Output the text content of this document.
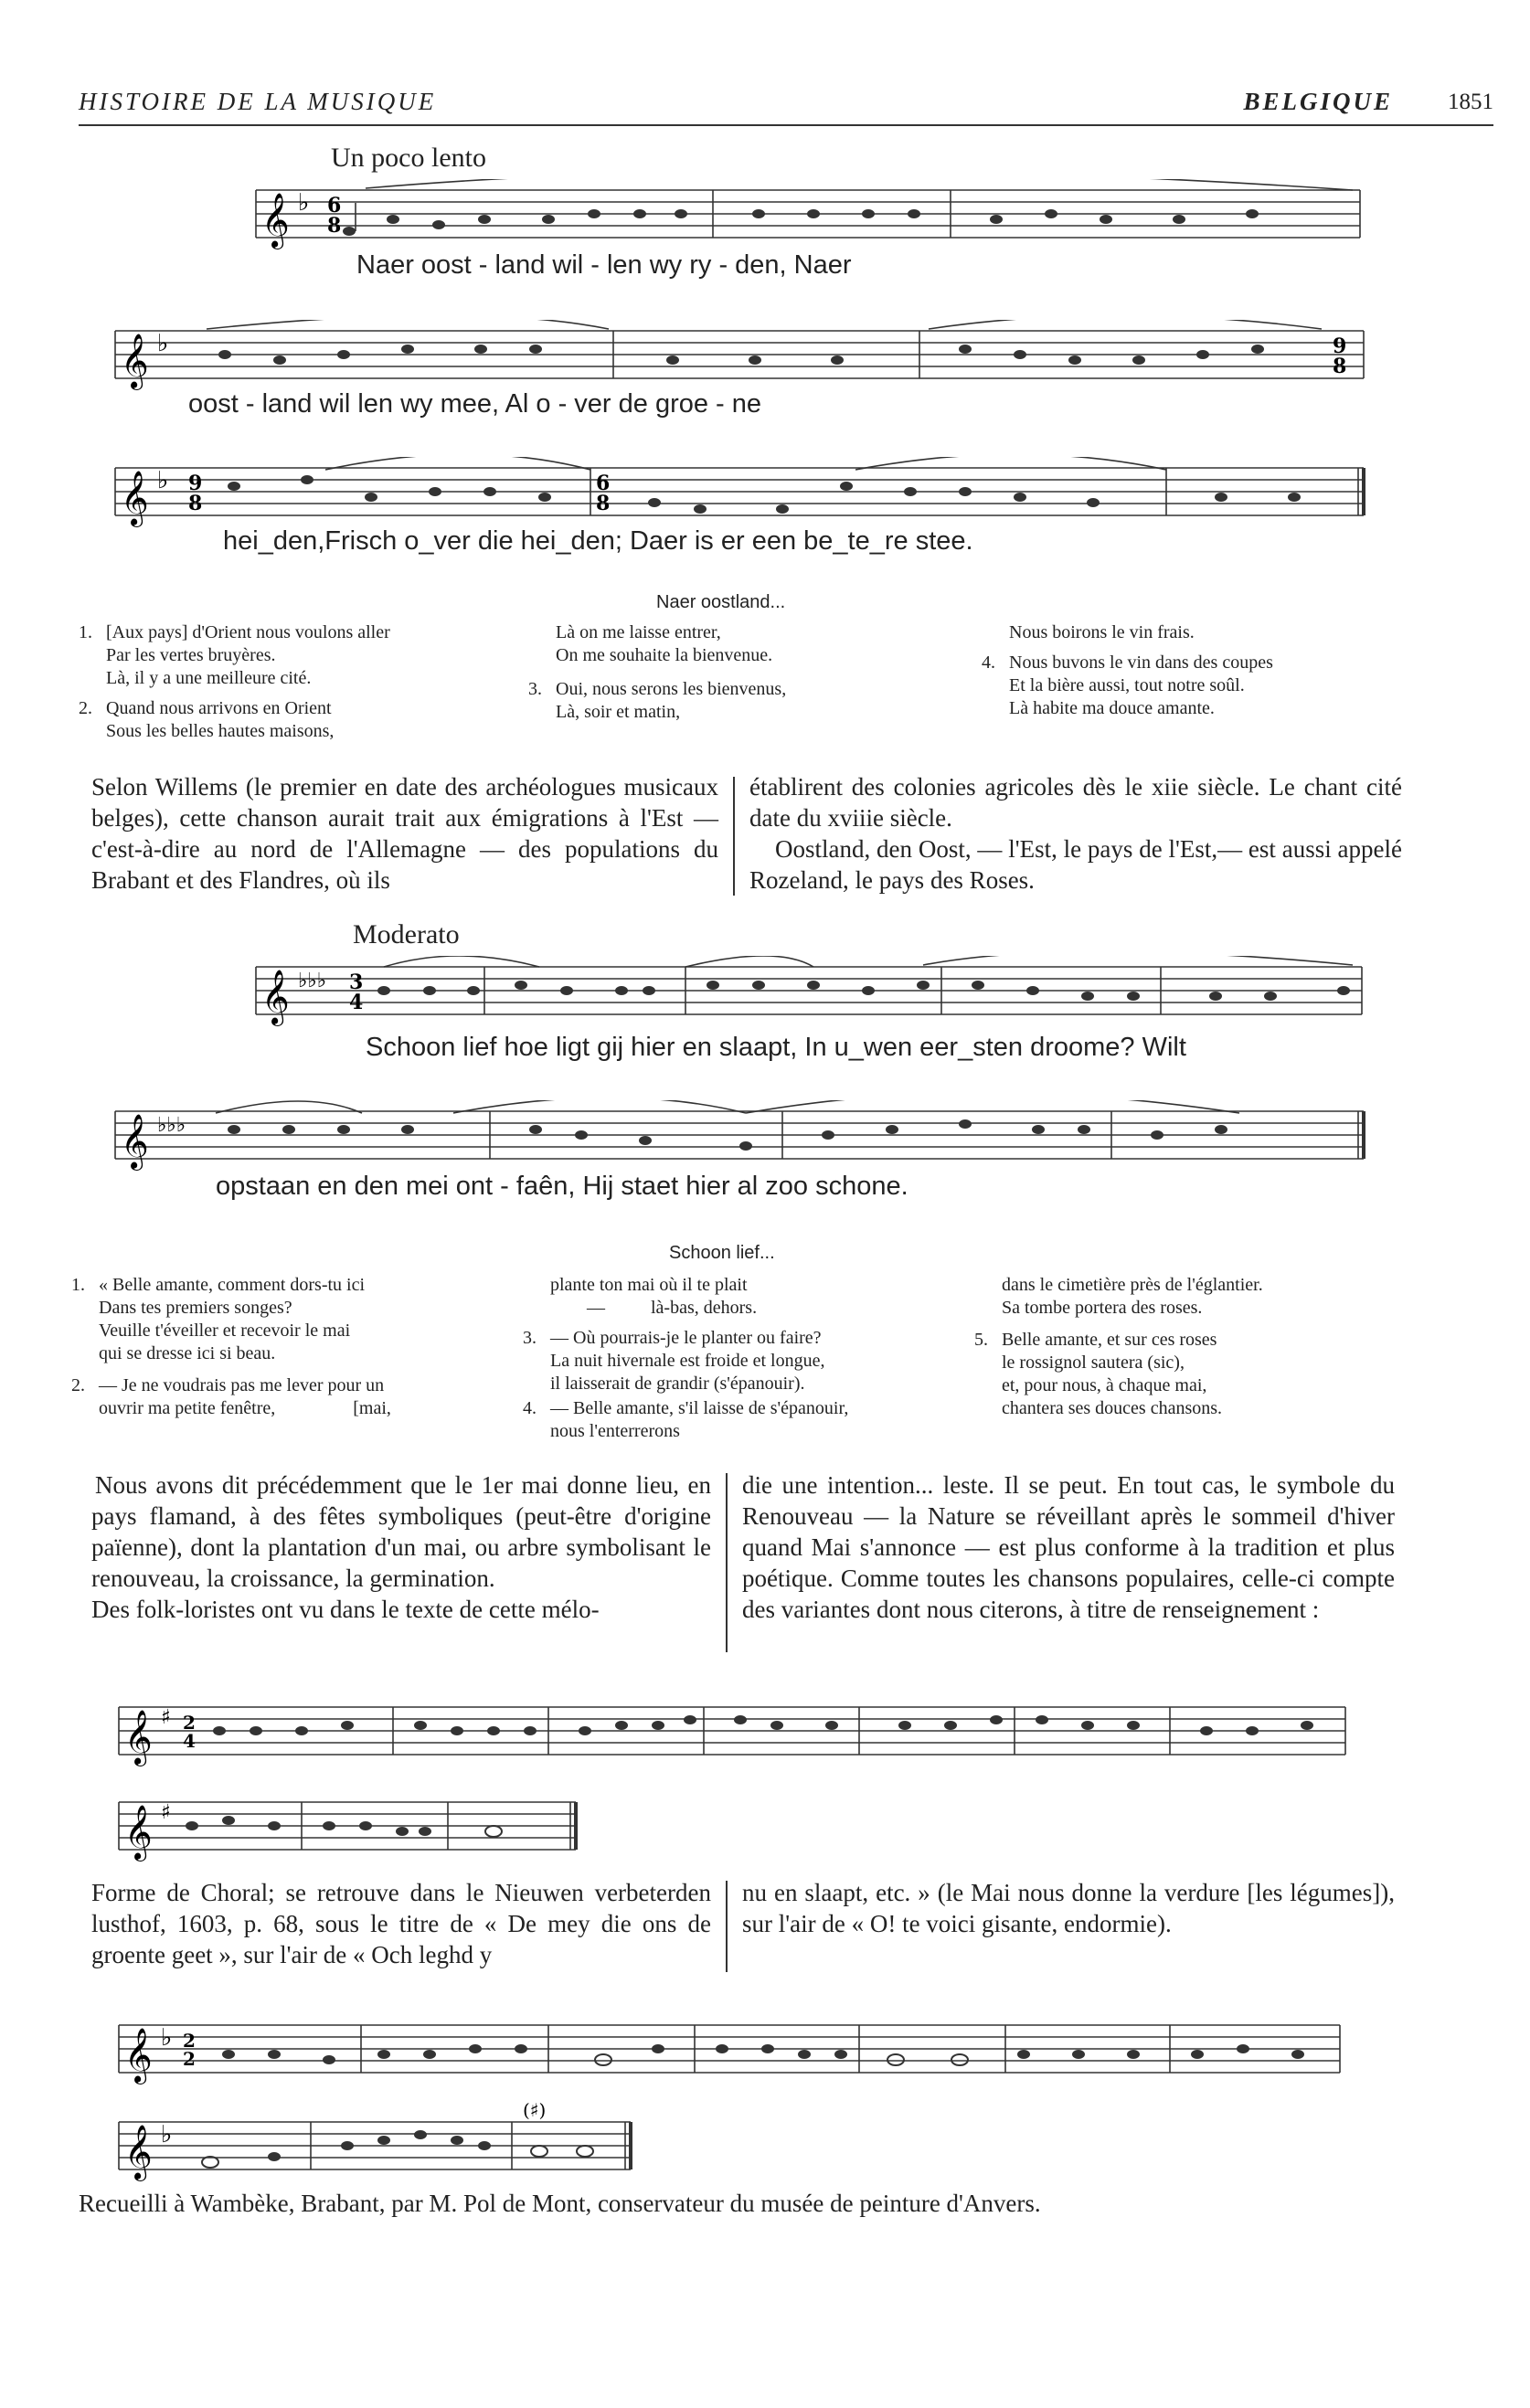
HISTOIRE DE LA MUSIQUE	BELGIQUE 1851
Un poco lento
𝄞 ♭ 6
8
Naer oost - land wil - len wy ry - den, Naer
𝄞 ♭	9
8
oost - land wil len wy mee, Al o - ver de groe - ne
𝄞 ♭ 9
8
6
8
hei_den,Frisch o_ver die hei_den; Daer is er een be_te_re stee.
Naer oostland...
1. [Aux pays] d'Orient nous voulons aller
Par les vertes bruyères.
Là, il y a une meilleure cité.
2. Quand nous arrivons en Orient
Sous les belles hautes maisons,
Là on me laisse entrer,
On me souhaite la bienvenue.
3. Oui, nous serons les bienvenus,
Là, soir et matin,
Nous boirons le vin frais.
4. Nous buvons le vin dans des coupes
Et la bière aussi, tout notre soûl.
Là habite ma douce amante.
Selon Willems (le premier en date des archéologues musicaux belges), cette chanson aurait trait aux émigrations à l'Est — c'est-à-dire au nord de l'Allemagne — des populations du Brabant et des Flandres, où ils
établirent des colonies agricoles dès le xiie siècle. Le chant cité date du xviiie siècle.
Oostland, den Oost, — l'Est, le pays de l'Est,— est aussi appelé Rozeland, le pays des Roses.
Moderato
𝄞 ♭♭♭ 3
4
Schoon lief hoe ligt gij hier en slaapt, In u_wen eer_sten droome? Wilt
𝄞 ♭♭♭
opstaan en den mei ont - faên, Hij staet hier al zoo schone.
Schoon lief...
1. « Belle amante, comment dors-tu ici
Dans tes premiers songes?
Veuille t'éveiller et recevoir le mai
qui se dresse ici si beau.
2. — Je ne voudrais pas me lever pour un
ouvrir ma petite fenêtre,                 [mai,
plante ton mai où il te plait
—          là-bas, dehors.
3. — Où pourrais-je le planter ou faire?
La nuit hivernale est froide et longue,
il laisserait de grandir (s'épanouir).
4. — Belle amante, s'il laisse de s'épanouir,
nous l'enterrerons
dans le cimetière près de l'églantier.
Sa tombe portera des roses.
5. Belle amante, et sur ces roses
le rossignol sautera (sic),
et, pour nous, à chaque mai,
chantera ses douces chansons.
Nous avons dit précédemment que le 1er mai donne lieu, en pays flamand, à des fêtes symboliques (peut-être d'origine païenne), dont la plantation d'un mai, ou arbre symbolisant le renouveau, la croissance, la germination.
Des folk-loristes ont vu dans le texte de cette mélo-
die une intention... leste. Il se peut. En tout cas, le symbole du Renouveau — la Nature se réveillant après le sommeil d'hiver quand Mai s'annonce — est plus conforme à la tradition et plus poétique. Comme toutes les chansons populaires, celle-ci compte des variantes dont nous citerons, à titre de renseignement :
𝄞 ♯ 2
4
𝄞 ♯
Forme de Choral; se retrouve dans le Nieuwen verbeterden lusthof, 1603, p. 68, sous le titre de « De mey die ons de groente geet », sur l'air de « Och leghd y
nu en slaapt, etc. » (le Mai nous donne la verdure [les légumes]), sur l'air de « O! te voici gisante, endormie).
𝄞 ♭ 2
2
𝄞 ♭
(♯)
Recueilli à Wambèke, Brabant, par M. Pol de Mont, conservateur du musée de peinture d'Anvers.
